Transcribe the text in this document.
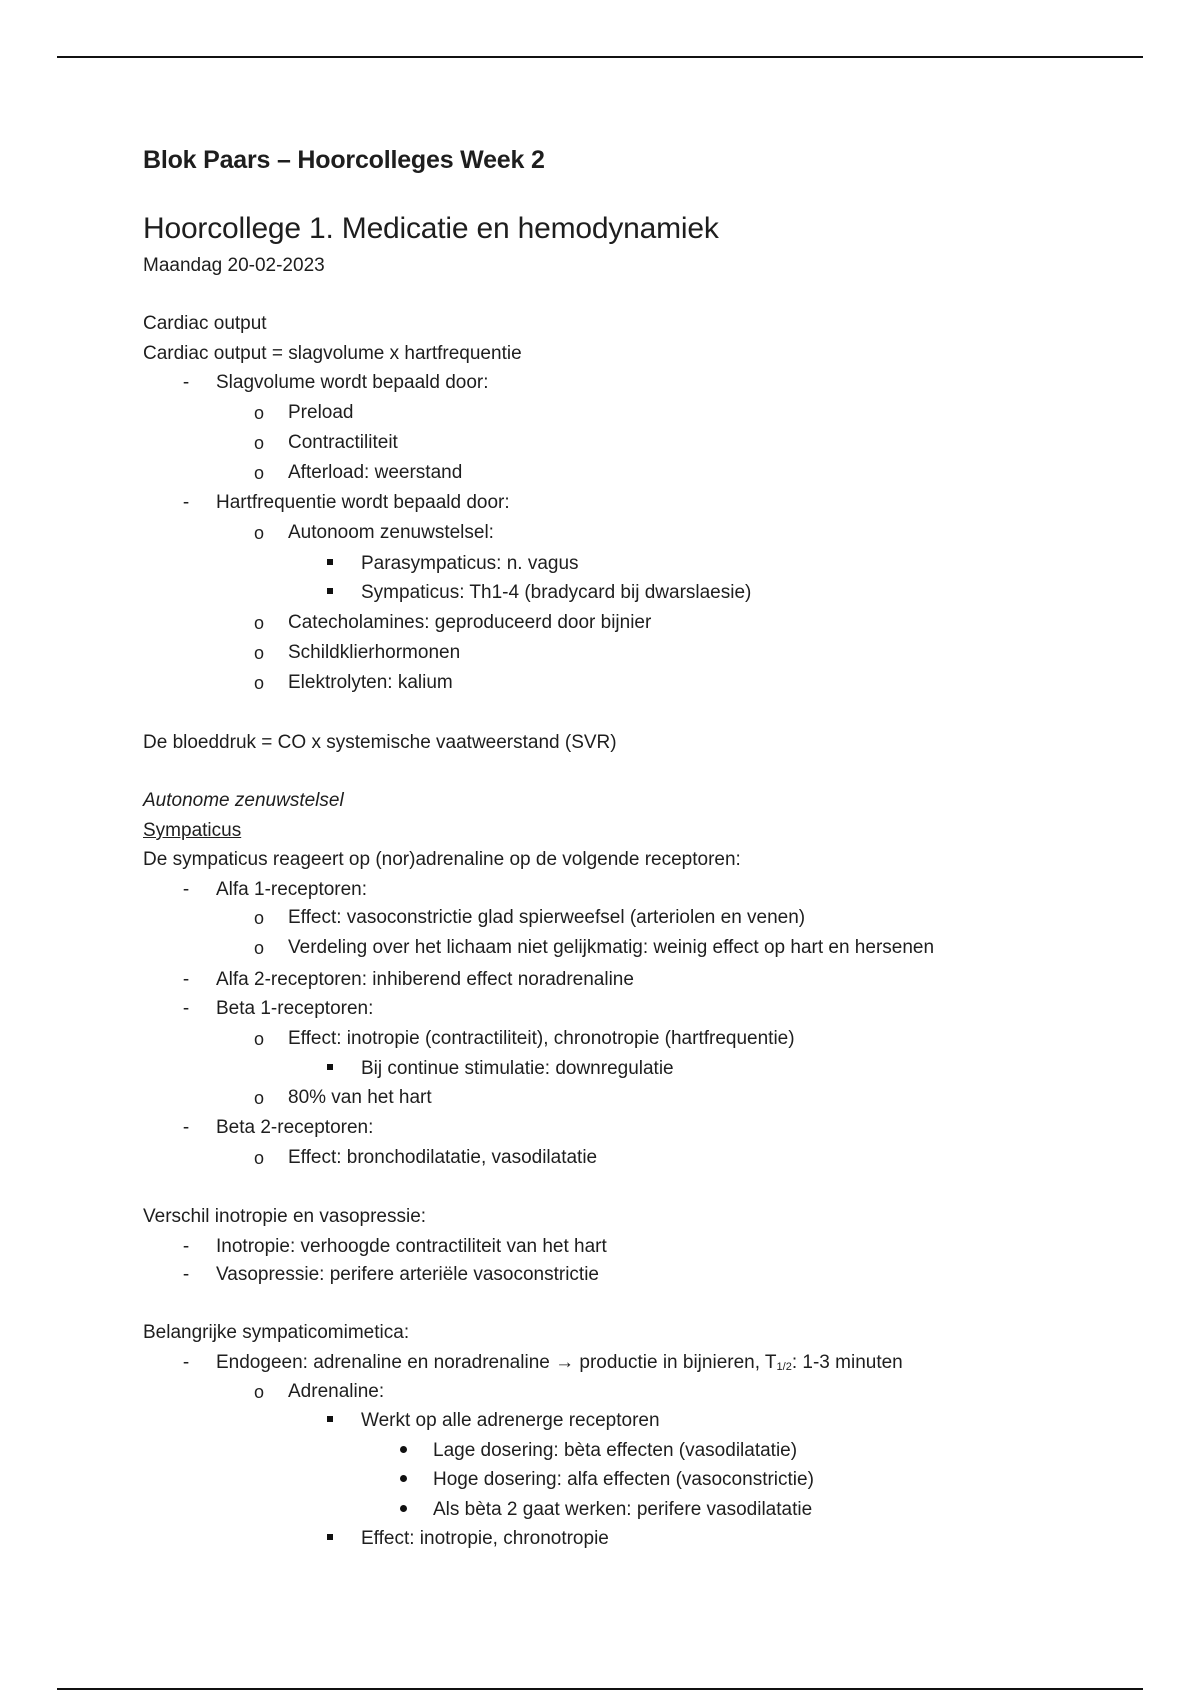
Blok Paars – Hoorcolleges Week 2
Hoorcollege 1. Medicatie en hemodynamiek
Maandag 20-02-2023
Cardiac output
Cardiac output = slagvolume x hartfrequentie
-	Slagvolume wordt bepaald door:
o Preload
o Contractiliteit
o Afterload: weerstand
-	Hartfrequentie wordt bepaald door:
o Autonoom zenuwstelsel:
Parasympaticus: n. vagus
Sympaticus: Th1-4 (bradycard bij dwarslaesie)
o Catecholamines: geproduceerd door bijnier
o Schildklierhormonen
o Elektrolyten: kalium
De bloeddruk = CO x systemische vaatweerstand (SVR)
Autonome zenuwstelsel
Sympaticus
De sympaticus reageert op (nor)adrenaline op de volgende receptoren:
-	Alfa 1-receptoren:
o Effect: vasoconstrictie glad spierweefsel (arteriolen en venen)
o Verdeling over het lichaam niet gelijkmatig: weinig effect op hart en hersenen
-	Alfa 2-receptoren: inhiberend effect noradrenaline
-	Beta 1-receptoren:
o Effect: inotropie (contractiliteit), chronotropie (hartfrequentie)
Bij continue stimulatie: downregulatie
o 80% van het hart
-	Beta 2-receptoren:
o Effect: bronchodilatatie, vasodilatatie
Verschil inotropie en vasopressie:
-	Inotropie: verhoogde contractiliteit van het hart
-	Vasopressie: perifere arteriële vasoconstrictie
Belangrijke sympaticomimetica:
-	Endogeen: adrenaline en noradrenaline → productie in bijnieren, $T_{1/2}$: 1-3 minuten
o Adrenaline:
Werkt op alle adrenerge receptoren
Lage dosering: bèta effecten (vasodilatatie)
Hoge dosering: alfa effecten (vasoconstrictie)
Als bèta 2 gaat werken: perifere vasodilatatie
Effect: inotropie, chronotropie
